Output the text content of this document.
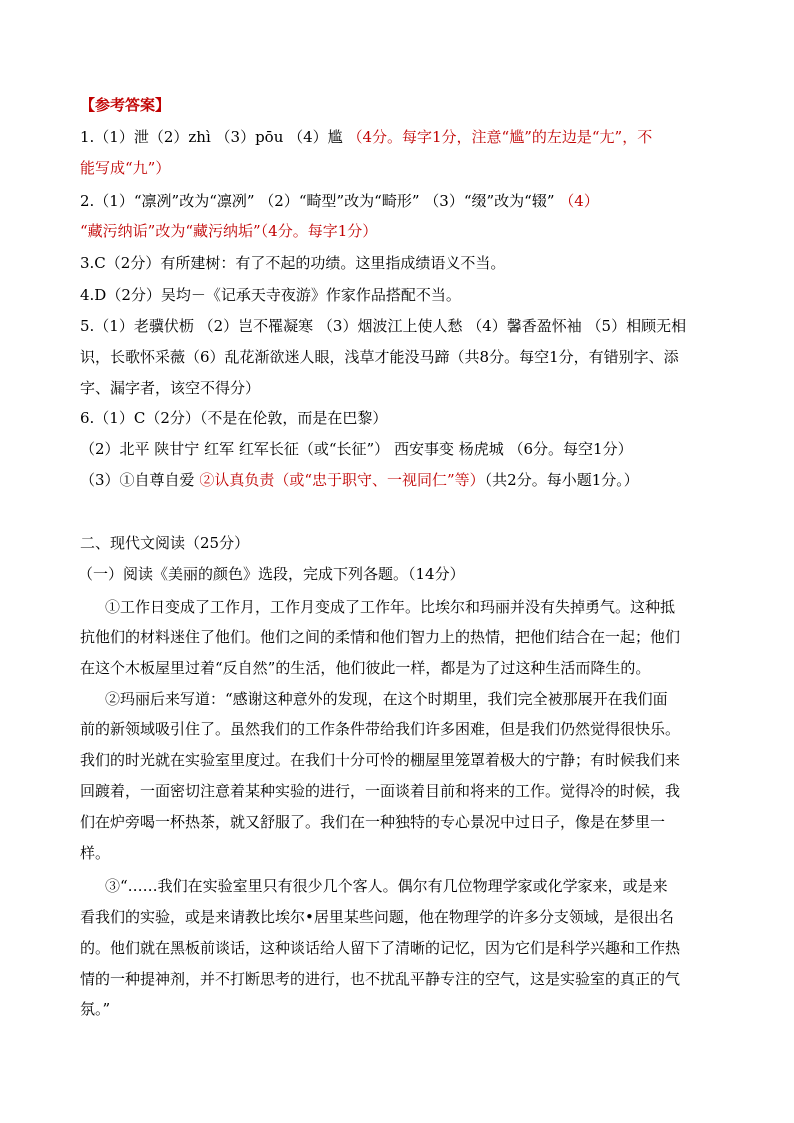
【参考答案】
1.（1）泄（2）zhì （3）pōu （4）尴 （4分。每字1分，注意“尴”的左边是“尢”，不
能写成“九”）
2.（1）“凛冽”改为“凛冽” （2）“畸型”改为“畸形” （3）“缀”改为“辍” （4）
“藏污纳诟”改为“藏污纳垢”（4分。每字1分）
3.C（2分）有所建树：有了不起的功绩。这里指成绩语义不当。
4.D（2分）吴均－《记承天寺夜游》作家作品搭配不当。
5.（1）老骥伏枥 （2）岂不罹凝寒 （3）烟波江上使人愁 （4）馨香盈怀袖 （5）相顾无相
识，长歌怀采薇（6）乱花渐欲迷人眼，浅草才能没马蹄（共8分。每空1分，有错别字、添
字、漏字者，该空不得分）
6.（1）C（2分）（不是在伦敦，而是在巴黎）
（2）北平 陕甘宁 红军 红军长征（或“长征”） 西安事变 杨虎城 （6分。每空1分）
（3）①自尊自爱 ②认真负责（或“忠于职守、一视同仁”等）（共2分。每小题1分。）
二、现代文阅读（25分）
（一）阅读《美丽的颜色》选段，完成下列各题。（14分）
①工作日变成了工作月，工作月变成了工作年。比埃尔和玛丽并没有失掉勇气。这种抵
抗他们的材料迷住了他们。他们之间的柔情和他们智力上的热情，把他们结合在一起；他们
在这个木板屋里过着“反自然”的生活，他们彼此一样，都是为了过这种生活而降生的。
②玛丽后来写道：“感谢这种意外的发现，在这个时期里，我们完全被那展开在我们面
前的新领域吸引住了。虽然我们的工作条件带给我们许多困难，但是我们仍然觉得很快乐。
我们的时光就在实验室里度过。在我们十分可怜的棚屋里笼罩着极大的宁静；有时候我们来
回踱着，一面密切注意着某种实验的进行，一面谈着目前和将来的工作。觉得冷的时候，我
们在炉旁喝一杯热茶，就又舒服了。我们在一种独特的专心景况中过日子，像是在梦里一
样。
③“……我们在实验室里只有很少几个客人。偶尔有几位物理学家或化学家来，或是来
看我们的实验，或是来请教比埃尔•居里某些问题，他在物理学的许多分支领域，是很出名
的。他们就在黑板前谈话，这种谈话给人留下了清晰的记忆，因为它们是科学兴趣和工作热
情的一种提神剂，并不打断思考的进行，也不扰乱平静专注的空气，这是实验室的真正的气
氛。”
